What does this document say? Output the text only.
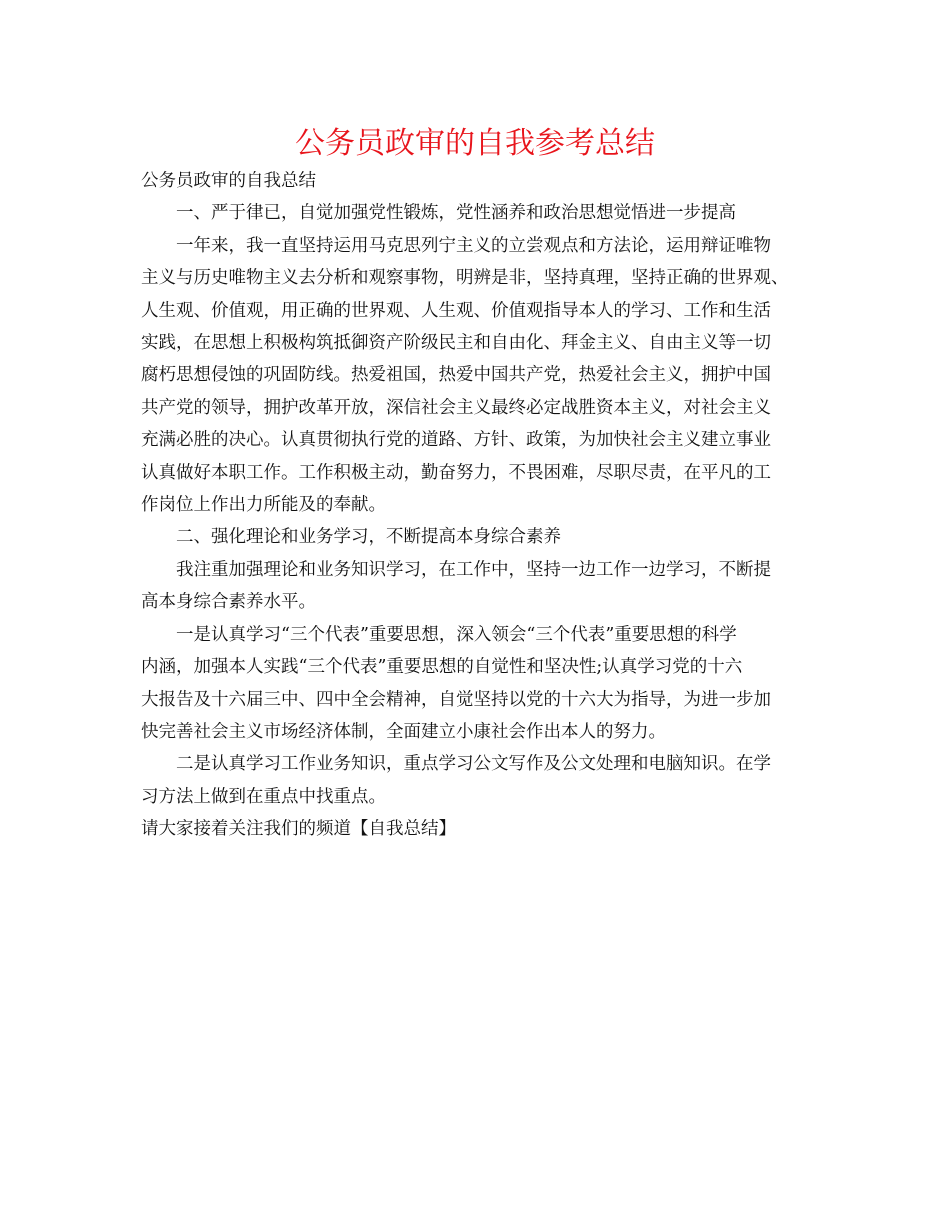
公务员政审的自我参考总结

公务员政审的自我总结

一、严于律已，自觉加强党性锻炼，党性涵养和政治思想觉悟进一步提高

一年来，我一直坚持运用马克思列宁主义的立尝观点和方法论，运用辩证唯物

主义与历史唯物主义去分析和观察事物，明辨是非，坚持真理，坚持正确的世界观、

人生观、价值观，用正确的世界观、人生观、价值观指导本人的学习、工作和生活

实践，在思想上积极构筑抵御资产阶级民主和自由化、拜金主义、自由主义等一切

腐朽思想侵蚀的巩固防线。热爱祖国，热爱中国共产党，热爱社会主义，拥护中国

共产党的领导，拥护改革开放，深信社会主义最终必定战胜资本主义，对社会主义

充满必胜的决心。认真贯彻执行党的道路、方针、政策，为加快社会主义建立事业

认真做好本职工作。工作积极主动，勤奋努力，不畏困难，尽职尽责，在平凡的工

作岗位上作出力所能及的奉献。

二、强化理论和业务学习，不断提高本身综合素养

我注重加强理论和业务知识学习，在工作中，坚持一边工作一边学习，不断提

高本身综合素养水平。

一是认真学习“三个代表”重要思想，深入领会“三个代表”重要思想的科学

内涵，加强本人实践“三个代表”重要思想的自觉性和坚决性;认真学习党的十六

大报告及十六届三中、四中全会精神，自觉坚持以党的十六大为指导，为进一步加

快完善社会主义市场经济体制，全面建立小康社会作出本人的努力。

二是认真学习工作业务知识，重点学习公文写作及公文处理和电脑知识。在学

习方法上做到在重点中找重点。

请大家接着关注我们的频道【自我总结】
